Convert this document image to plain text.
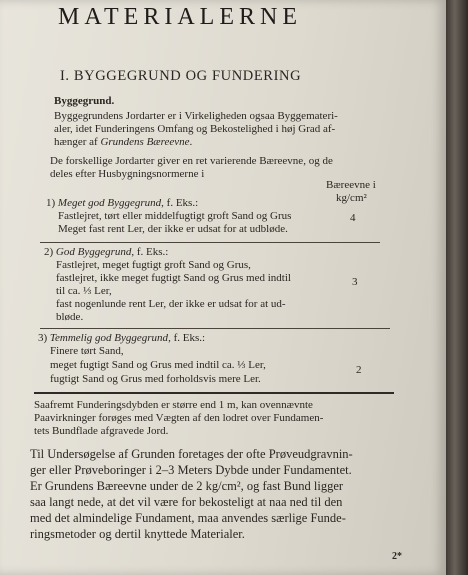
MATERIALERNE
I. BYGGEGRUND OG FUNDERING
Byggegrund.
Byggegrundens Jordarter er i Virkeligheden ogsaa Byggemateri-
aler, idet Funderingens Omfang og Bekostelighed i høj Grad af-
hænger af Grundens Bæreevne.
De forskellige Jordarter giver en ret varierende Bæreevne, og de
deles efter Husbygningsnormerne i
Bæreevne i
kg/cm²
1) Meget god Byggegrund, f. Eks.:
Fastlejret, tørt eller middelfugtigt groft Sand og Grus
Meget fast rent Ler, der ikke er udsat for at udbløde.
4
2) God Byggegrund, f. Eks.:
Fastlejret, meget fugtigt groft Sand og Grus,
fastlejret, ikke meget fugtigt Sand og Grus med indtil
til ca. ⅓ Ler,
fast nogenlunde rent Ler, der ikke er udsat for at ud-
bløde.
3
3) Temmelig god Byggegrund, f. Eks.:
Finere tørt Sand,
meget fugtigt Sand og Grus med indtil ca. ⅓ Ler,
fugtigt Sand og Grus med forholdsvis mere Ler.
2
Saafremt Funderingsdybden er større end 1 m, kan ovennævnte
Paavirkninger forøges med Vægten af den lodret over Fundamen-
tets Bundflade afgravede Jord.
Til Undersøgelse af Grunden foretages der ofte Prøveudgravnin-
ger eller Prøveboringer i 2–3 Meters Dybde under Fundamentet.
Er Grundens Bæreevne under de 2 kg/cm², og fast Bund ligger
saa langt nede, at det vil være for bekosteligt at naa ned til den
med det almindelige Fundament, maa anvendes særlige Funde-
ringsmetoder og dertil knyttede Materialer.
2*
